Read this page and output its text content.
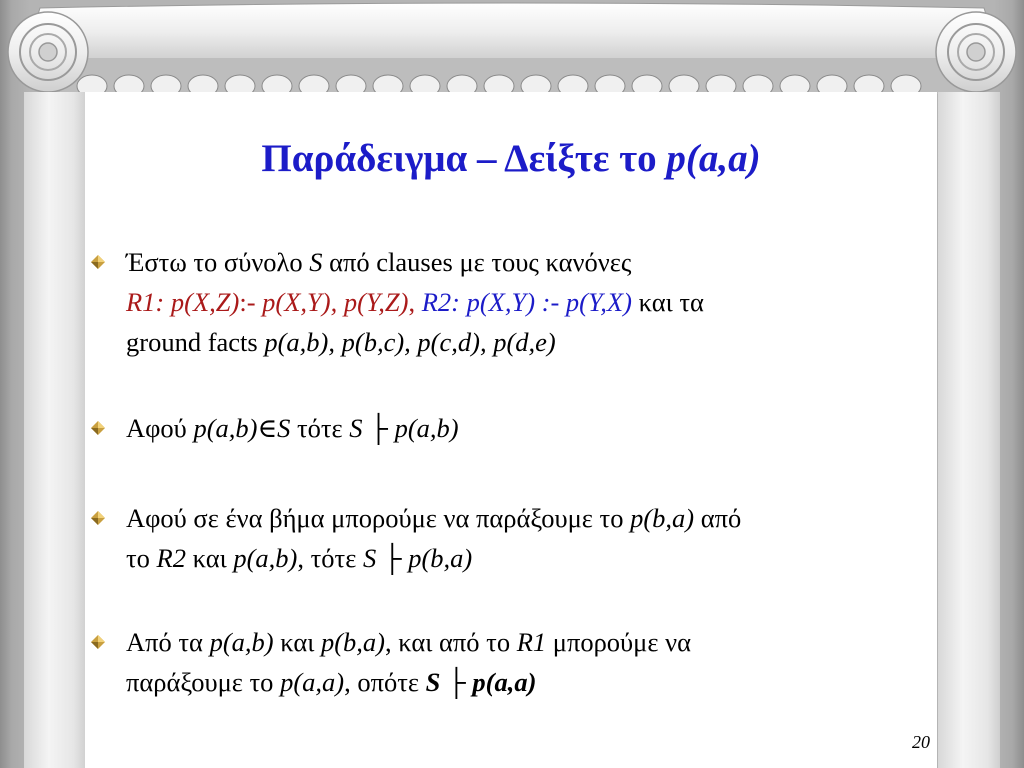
Παράδειγμα – Δείξτε το p(a,a)
Έστω το σύνολο S από clauses με τους κανόνες
R1: p(X,Z):- p(X,Y), p(Y,Z), R2: p(X,Y) :- p(Y,X) και τα
ground facts p(a,b), p(b,c), p(c,d), p(d,e)
Αφού p(a,b)∈S τότε S ├ p(a,b)
Αφού σε ένα βήμα μπορούμε να παράξουμε το p(b,a) από
το R2 και p(a,b), τότε S ├ p(b,a)
Από τα p(a,b) και p(b,a), και από το R1 μπορούμε να
παράξουμε το p(a,a), οπότε S ├ p(a,a)
20
